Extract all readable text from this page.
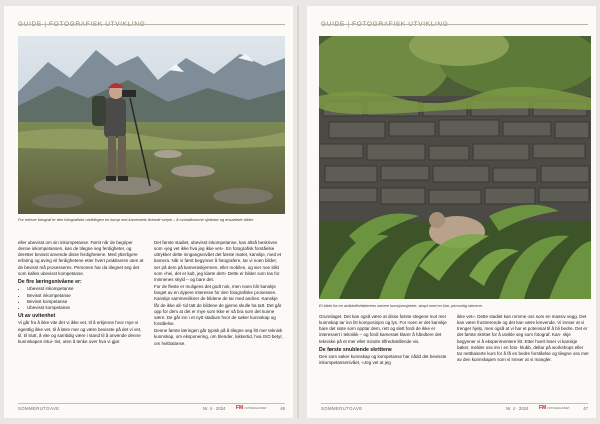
For enhver fotograf er den fotografiske utviklingen en kamp mot kameraets åvende svepe – å ovstadkomme sjellaise og ensartede bilder.

eller ubevisst om sin inkompetanse. Først når de begriper denne inkompetansen, kan de tilegne seg ferdigheter, og deretter bevisst anvende disse ferdighetene. Med ytterligere erfaring og øving vil ferdighetene etter hvert praktiseres uten at de bevisst må prosesseres. Personen har da tilegnet seg det som kalles ubevisst kompetanse.

De fire læringsnivåene er:
• Ubevisst inkompetanse
• Bevisst inkompetanse
• Bevisst kompetanse
• Ubevisst kompetanse
Ut av uvitenhet

Vi går fra å ikke vite det vi ikke vet, til å erkjenne hvor mye vi egentlig ikke vet, til å lære mer og være bevisste på det vi vet, til, til slutt, å vite og samtidig være i stand til å anvende denne kunnskapen intui- tivt, uten å tenke over hva vi gjør.

Det første stadiet, ubevisst inkompetanse, kan altså beskrives som «jeg vet ikke hva jeg ikke vet». En fotografisk forståelse uttrykker dette inngangsnivået det første møtet, kanskje, med et kamera. Når vi først begynner å fotografere, tar vi noen bilder, ser på dem på kameraskjermen, eller mobilen, og sier noe slikt som «hei, det er kult, jeg klarte det!» Dette er bilder som tas for minnenes skyld – og bare det.

For de fleste er muligens det godt nok, men noen blir kanskje fanget av en dypere interesse for den fotografiske prosessen. Kanskje sammenlikner de bildene de tar med andres. Kanskje får de ikke all- tid tatt de bildene de gjerne skulle ha tatt. Det går opp for dem at det er mye som ikke er så bra som det kunne være. De går inn i et nytt stadium hvor de søker kunnskap og forståelse.

Denne første læringen går typisk på å tilegne seg litt mer teknisk kunnskap, om eksponering, om blender, lukkertid, hva ISO betyr, om hvitbalanse.

SOMMERUTGAVE	Nr. 4 · 2024 FMFOTOMAGASINET	46
Et bilde fra en artikkelforfatterens senere kunstprosjekter, skapt med en klar, personlig stemme.

Grunnlaget. Det kan også være at disse første stegene mot mer kunnskap tar inn litt komposisjon og lys. For noen er det kanskje bare det siste som opptar dem, rett og slett fordi de ikke er interessert i tekniikk – og fordi kameraet klarer å håndtere det tekniske på et mer eller mindre tilfredsstillende vis.

De første snublende skrittene

Den som søker kunnskap og kompetanse har nådd det bevisste inkompetansenivået, «Jeg vet at jeg

ikke vet». Dette stadiet kan romme oss som en massiv vegg. Det kan være frustrerende og det kan være krevende. Vi innser at vi trenger hjelp, men også at vi har et potensial til å bli bedre. Det er det første skrittet for å utvikle seg som fotograf. Kan- skje begynner vi å eksperimentere litt. Etter hvert leser vi kanskje bøker, melder oss inn i en foto- klubb, deltar på workshops eller tar nettbaserte kurs for å få en bedre forståelse og tilegne oss mer av den kunnskapen som vi innser at vi mangler.

SOMMERUTGAVE	Nr. 4 · 2024 FMFOTOMAGASINET	47
